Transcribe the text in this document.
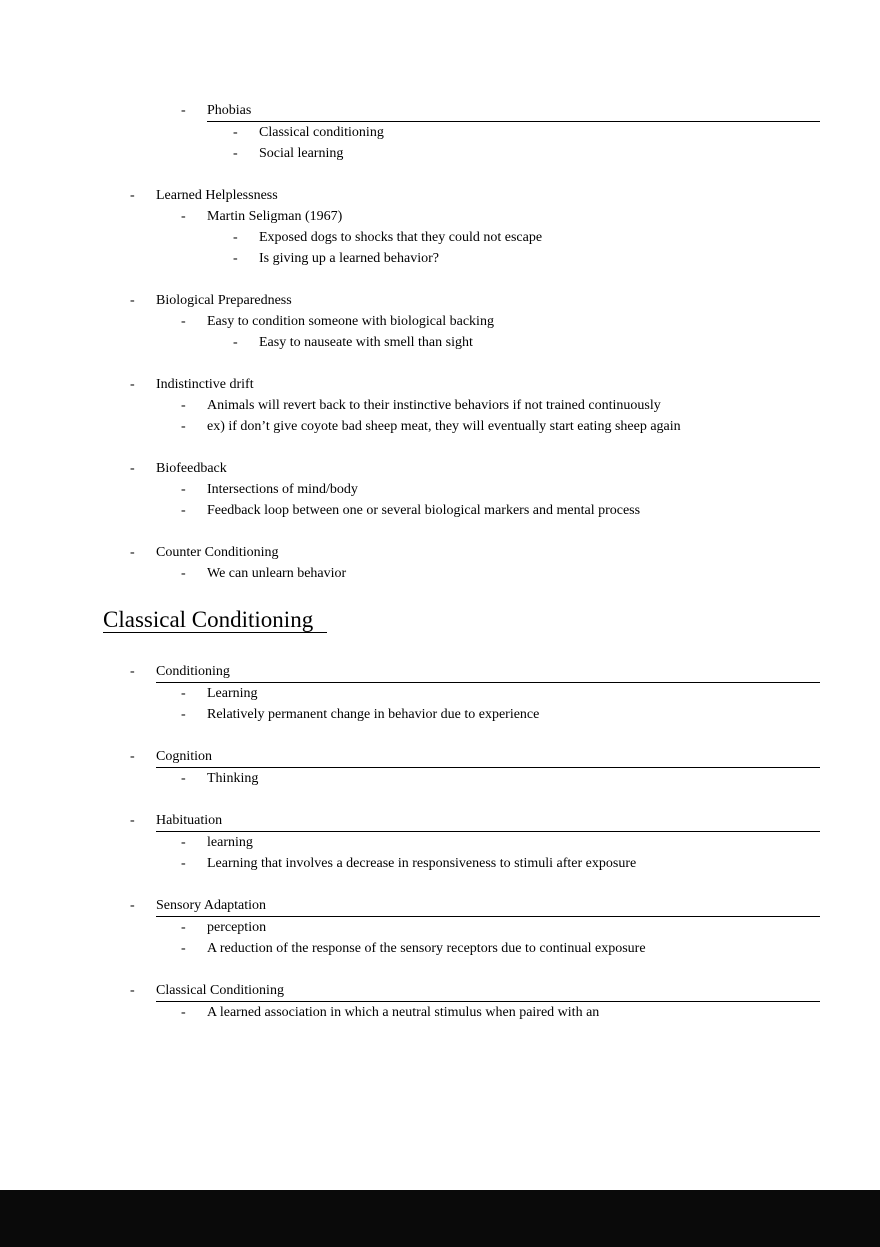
-	Phobias
-	Classical conditioning
-	Social learning
-	Learned Helplessness
-	Martin Seligman (1967)
-	Exposed dogs to shocks that they could not escape
-	Is giving up a learned behavior?
-	Biological Preparedness
-	Easy to condition someone with biological backing
-	Easy to nauseate with smell than sight
-	Indistinctive drift
-	Animals will revert back to their instinctive behaviors if not trained continuously
-	ex) if don’t give coyote bad sheep meat, they will eventually start eating sheep again
-	Biofeedback
-	Intersections of mind/body
-	Feedback loop between one or several biological markers and mental process
-	Counter Conditioning
-	We can unlearn behavior
Classical Conditioning
-	Conditioning
-	Learning
-	Relatively permanent change in behavior due to experience
-	Cognition
-	Thinking
-	Habituation
-	learning
-	Learning that involves a decrease in responsiveness to stimuli after exposure
-	Sensory Adaptation
-	perception
-	A reduction of the response of the sensory receptors due to continual exposure
-	Classical Conditioning
-	A learned association in which a neutral stimulus when paired with an
